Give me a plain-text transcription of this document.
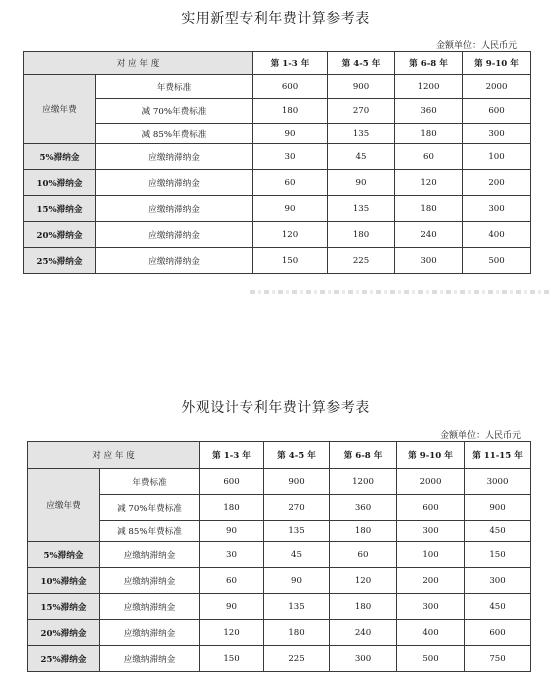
实用新型专利年费计算参考表
金额单位：人民币元
对 应 年 度		第 1-3 年	第 4-5 年	第 6-8 年	第 9-10 年
应缴年费	年费标准	600	900	1200	2000
	减 70%年费标准	180	270	360	600
	减 85%年费标准	90	135	180	300
5%滞纳金	应缴纳滞纳金	30	45	60	100
10%滞纳金	应缴纳滞纳金	60	90	120	200
15%滞纳金	应缴纳滞纳金	90	135	180	300
20%滞纳金	应缴纳滞纳金	120	180	240	400
25%滞纳金	应缴纳滞纳金	150	225	300	500
外观设计专利年费计算参考表
金额单位：人民币元
对 应 年 度		第 1-3 年	第 4-5 年	第 6-8 年	第 9-10 年	第 11-15 年
应缴年费	年费标准	600	900	1200	2000	3000
	减 70%年费标准	180	270	360	600	900
	减 85%年费标准	90	135	180	300	450
5%滞纳金	应缴纳滞纳金	30	45	60	100	150
10%滞纳金	应缴纳滞纳金	60	90	120	200	300
15%滞纳金	应缴纳滞纳金	90	135	180	300	450
20%滞纳金	应缴纳滞纳金	120	180	240	400	600
25%滞纳金	应缴纳滞纳金	150	225	300	500	750
